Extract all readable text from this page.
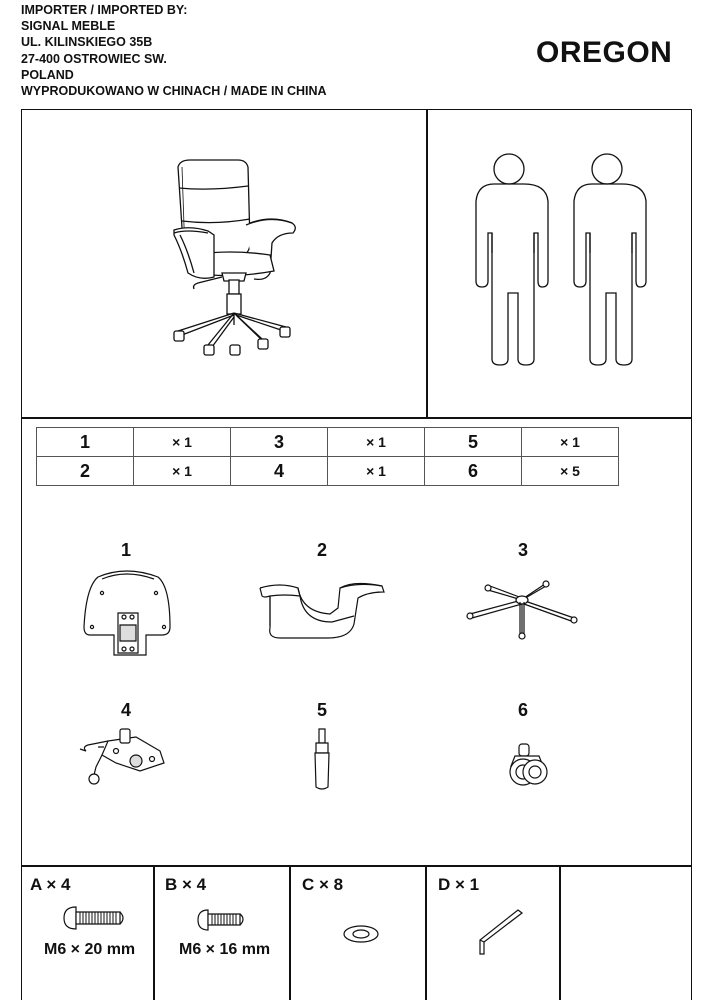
IMPORTER / IMPORTED BY:
SIGNAL MEBLE
UL. KILINSKIEGO 35B
27-400 OSTROWIEC SW.
POLAND
WYPRODUKOWANO W CHINACH / MADE IN CHINA
OREGON
1	× 1	3	× 1	5	× 1
2	× 1	4	× 1	6	× 5
1	2	3
4	5	6
A × 4	B × 4	C × 8	D × 1
M6 × 20 mm	M6 × 16 mm
